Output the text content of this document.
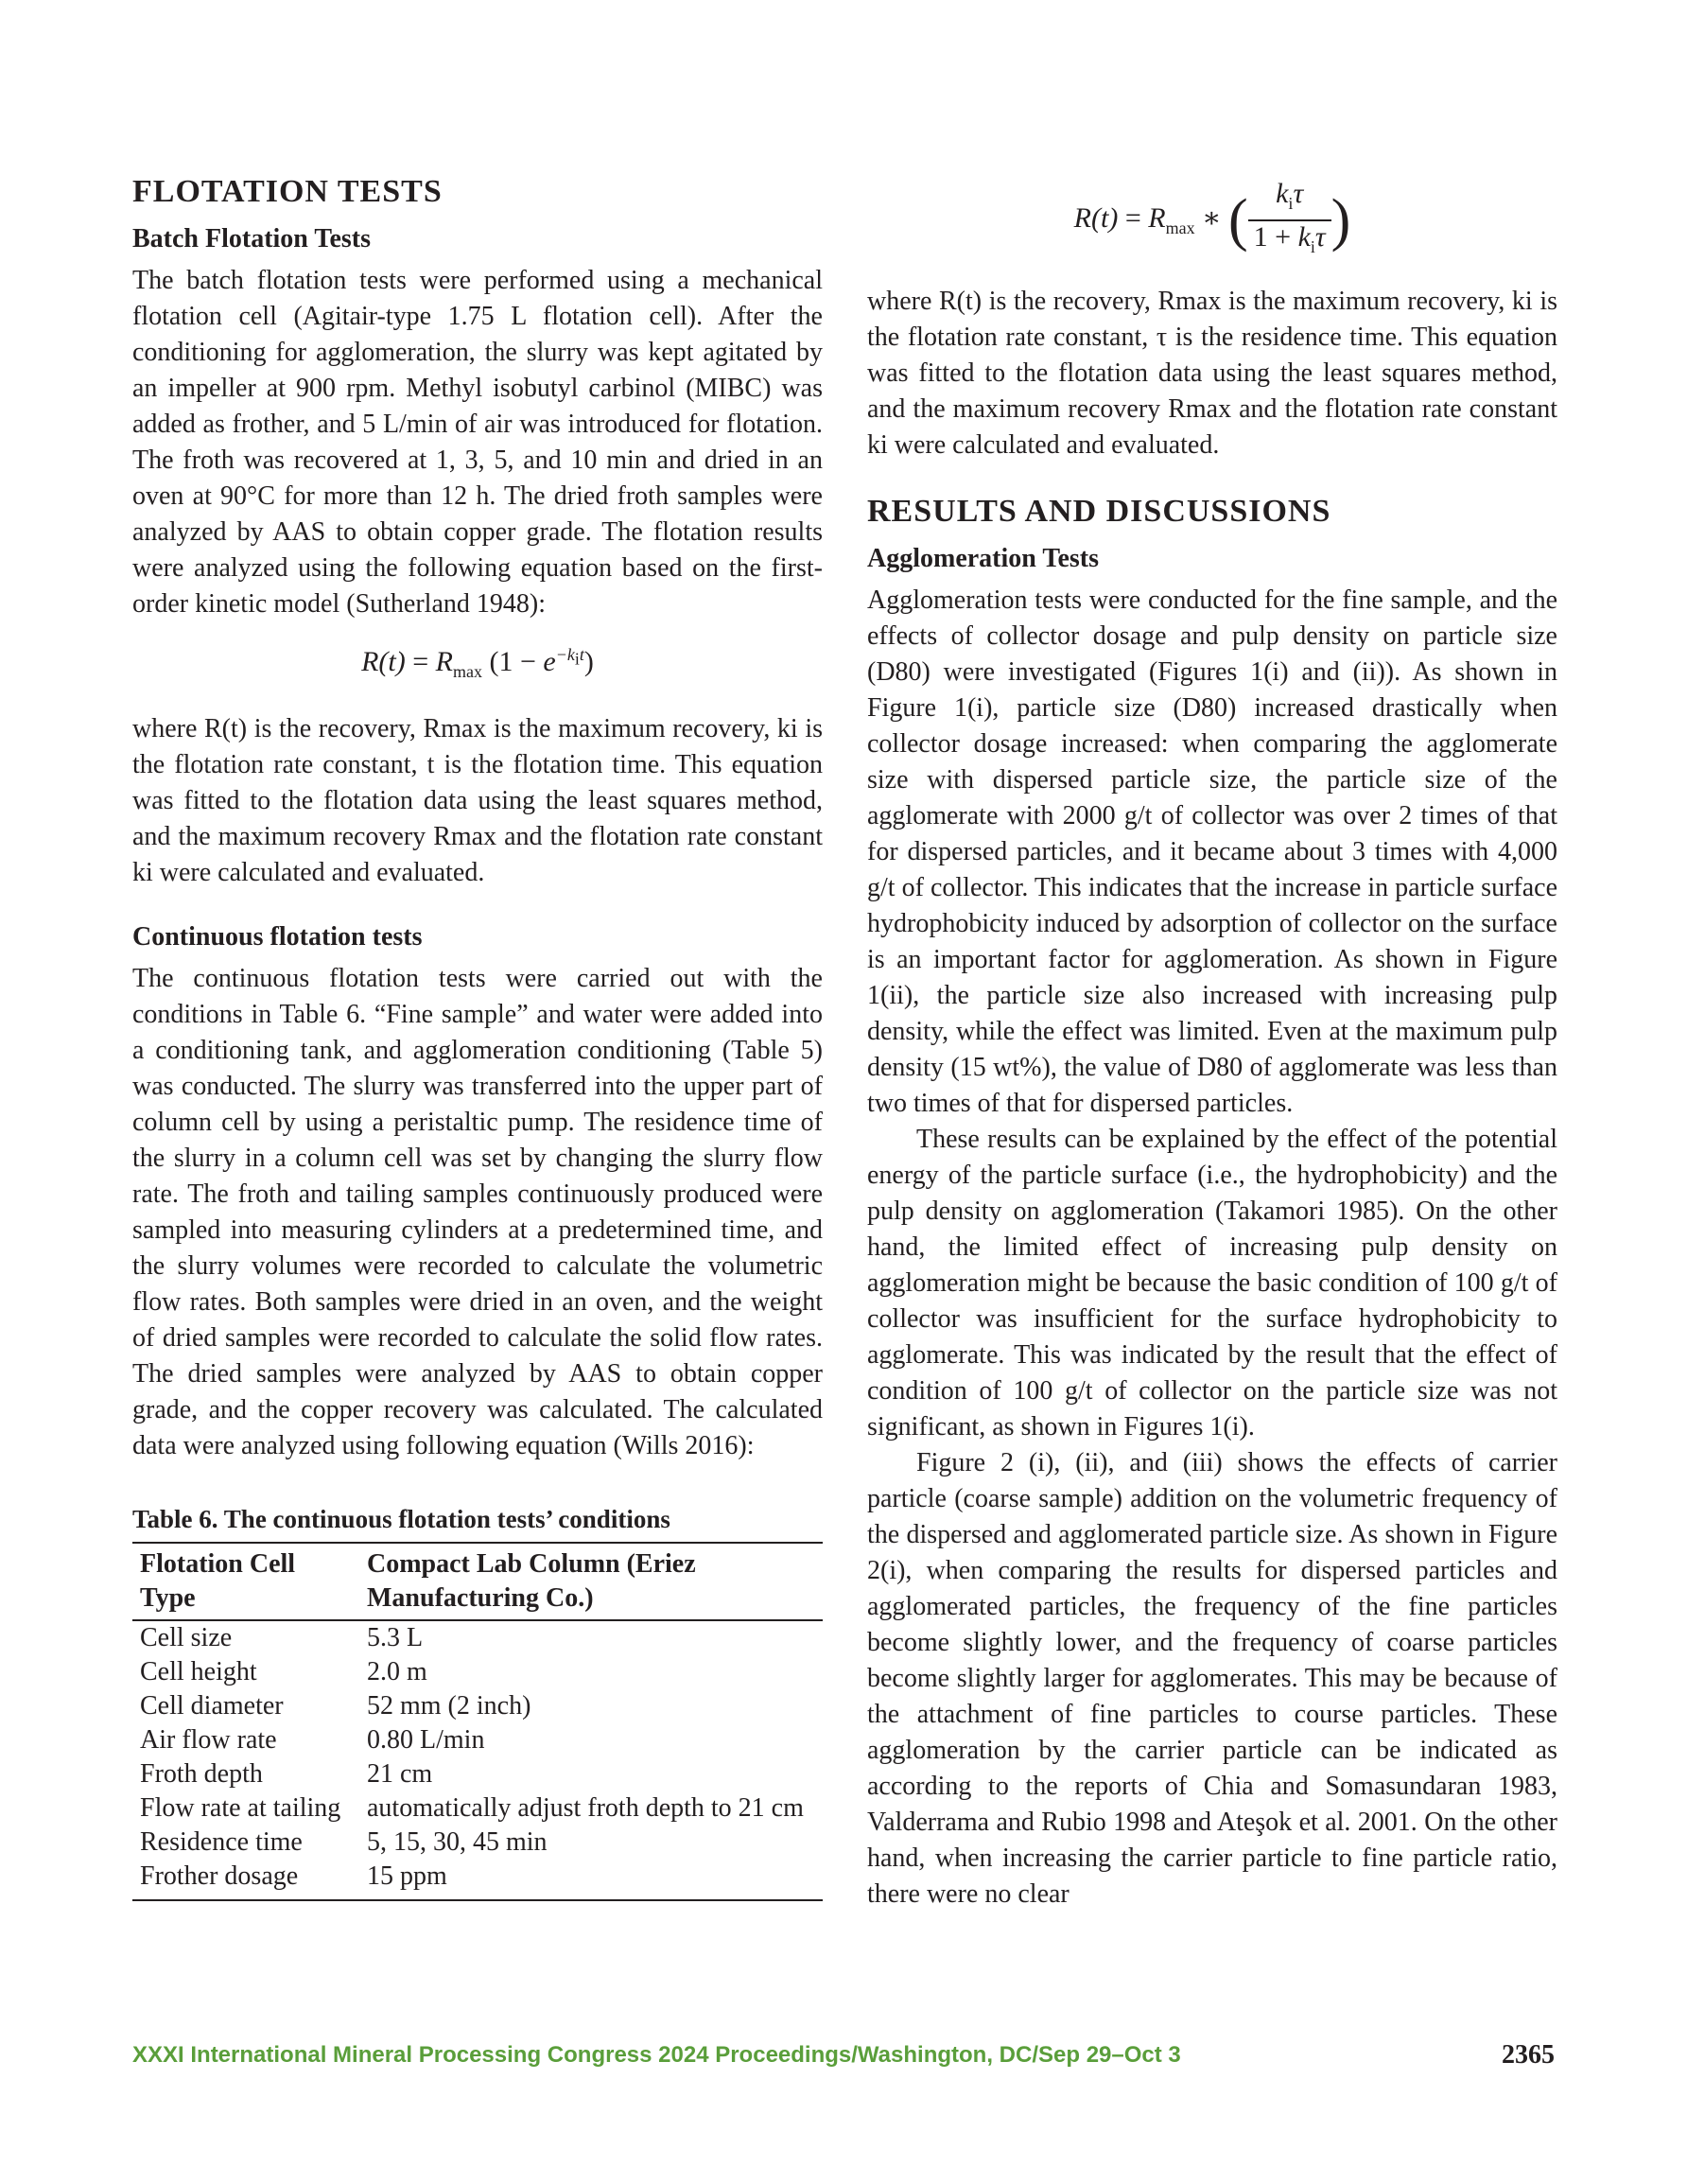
FLOTATION TESTS
Batch Flotation Tests

The batch flotation tests were performed using a mechanical flotation cell (Agitair-type 1.75 L flotation cell). After the conditioning for agglomeration, the slurry was kept agitated by an impeller at 900 rpm. Methyl isobutyl carbinol (MIBC) was added as frother, and 5 L/min of air was introduced for flotation. The froth was recovered at 1, 3, 5, and 10 min and dried in an oven at 90°C for more than 12 h. The dried froth samples were analyzed by AAS to obtain copper grade. The flotation results were analyzed using the following equation based on the first-order kinetic model (Sutherland 1948):

$R(t) = R_{max}$ $(1 - e^{-k_it})$

where R(t) is the recovery, Rmax is the maximum recovery, ki is the flotation rate constant, t is the flotation time. This equation was fitted to the flotation data using the least squares method, and the maximum recovery Rmax and the flotation rate constant ki were calculated and evaluated.

Continuous flotation tests

The continuous flotation tests were carried out with the conditions in Table 6. “Fine sample” and water were added into a conditioning tank, and agglomeration conditioning (Table 5) was conducted. The slurry was transferred into the upper part of column cell by using a peristaltic pump. The residence time of the slurry in a column cell was set by changing the slurry flow rate. The froth and tailing samples continuously produced were sampled into measuring cylinders at a predetermined time, and the slurry volumes were recorded to calculate the volumetric flow rates. Both samples were dried in an oven, and the weight of dried samples were recorded to calculate the solid flow rates. The dried samples were analyzed by AAS to obtain copper grade, and the copper recovery was calculated. The calculated data were analyzed using following equation (Wills 2016):

Table 6. The continuous flotation tests’ conditions
Flotation Cell Type	Compact Lab Column (Eriez Manufacturing Co.)
Cell size	5.3 L
Cell height	2.0 m
Cell diameter	52 mm (2 inch)
Air flow rate	0.80 L/min
Froth depth	21 cm
Flow rate at tailing	automatically adjust froth depth to 21 cm
Residence time	5, 15, 30, 45 min
Frother dosage	15 ppm
$R(t) = R_{max}$ ∗ ( $\frac{k_i\tau}{1 + k_i\tau}$ )

where R(t) is the recovery, Rmax is the maximum recovery, ki is the flotation rate constant, τ is the residence time. This equation was fitted to the flotation data using the least squares method, and the maximum recovery Rmax and the flotation rate constant ki were calculated and evaluated.

RESULTS AND DISCUSSIONS
Agglomeration Tests

Agglomeration tests were conducted for the fine sample, and the effects of collector dosage and pulp density on particle size (D80) were investigated (Figures 1(i) and (ii)). As shown in Figure 1(i), particle size (D80) increased drastically when collector dosage increased: when comparing the agglomerate size with dispersed particle size, the particle size of the agglomerate with 2000 g/t of collector was over 2 times of that for dispersed particles, and it became about 3 times with 4,000 g/t of collector. This indicates that the increase in particle surface hydrophobicity induced by adsorption of collector on the surface is an important factor for agglomeration. As shown in Figure 1(ii), the particle size also increased with increasing pulp density, while the effect was limited. Even at the maximum pulp density (15 wt%), the value of D80 of agglomerate was less than two times of that for dispersed particles.

These results can be explained by the effect of the potential energy of the particle surface (i.e., the hydrophobicity) and the pulp density on agglomeration (Takamori 1985). On the other hand, the limited effect of increasing pulp density on agglomeration might be because the basic condition of 100 g/t of collector was insufficient for the surface hydrophobicity to agglomerate. This was indicated by the result that the effect of condition of 100 g/t of collector on the particle size was not significant, as shown in Figures 1(i).

Figure 2 (i), (ii), and (iii) shows the effects of carrier particle (coarse sample) addition on the volumetric frequency of the dispersed and agglomerated particle size. As shown in Figure 2(i), when comparing the results for dispersed particles and agglomerated particles, the frequency of the fine particles become slightly lower, and the frequency of coarse particles become slightly larger for agglomerates. This may be because of the attachment of fine particles to course particles. These agglomeration by the carrier particle can be indicated as according to the reports of Chia and Somasundaran 1983, Valderrama and Rubio 1998 and Ateşok et al. 2001. On the other hand, when increasing the carrier particle to fine particle ratio, there were no clear

XXXI International Mineral Processing Congress 2024 Proceedings/Washington, DC/Sep 29–Oct 3	2365
